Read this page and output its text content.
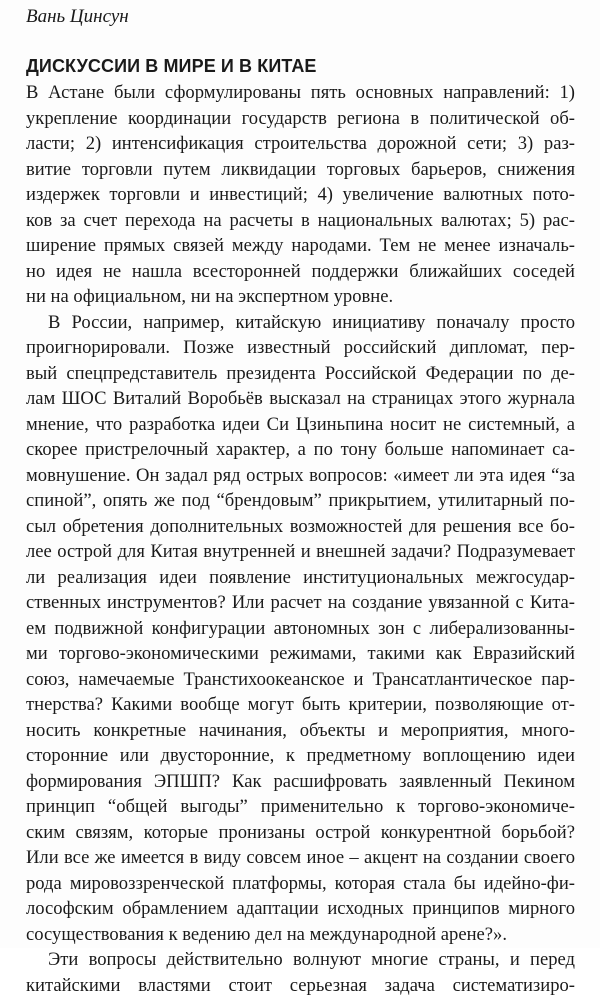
Вань Цинсун

ДИСКУССИИ В МИРЕ И В КИТАЕ
В Астане были сформулированы пять основных направлений: 1)
укрепление координации государств региона в политической об-
ласти; 2) интенсификация строительства дорожной сети; 3) раз-
витие торговли путем ликвидации торговых барьеров, снижения
издержек торговли и инвестиций; 4) увеличение валютных пото-
ков за счет перехода на расчеты в национальных валютах; 5) рас-
ширение прямых связей между народами. Тем не менее изначаль-
но идея не нашла всесторонней поддержки ближайших соседей
ни на официальном, ни на экспертном уровне.
В России, например, китайскую инициативу поначалу просто
проигнорировали. Позже известный российский дипломат, пер-
вый спецпредставитель президента Российской Федерации по де-
лам ШОС Виталий Воробьёв высказал на страницах этого журнала
мнение, что разработка идеи Си Цзиньпина носит не системный, а
скорее пристрелочный характер, а по тону больше напоминает са-
мовнушение. Он задал ряд острых вопросов: «имеет ли эта идея “за
спиной”, опять же под “брендовым” прикрытием, утилитарный по-
сыл обретения дополнительных возможностей для решения все бо-
лее острой для Китая внутренней и внешней задачи? Подразумевает
ли реализация идеи появление институциональных межгосудар-
ственных инструментов? Или расчет на создание увязанной с Кита-
ем подвижной конфигурации автономных зон с либерализованны-
ми торгово-экономическими режимами, такими как Евразийский
союз, намечаемые Транстихоокеанское и Трансатлантическое пар-
тнерства? Какими вообще могут быть критерии, позволяющие от-
носить конкретные начинания, объекты и мероприятия, много-
сторонние или двусторонние, к предметному воплощению идеи
формирования ЭПШП? Как расшифровать заявленный Пекином
принцип “общей выгоды” применительно к торгово-экономиче-
ским связям, которые пронизаны острой конкурентной борьбой?
Или все же имеется в виду совсем иное – акцент на создании своего
рода мировоззренческой платформы, которая стала бы идейно-фи-
лософским обрамлением адаптации исходных принципов мирного
сосуществования к ведению дел на международной арене?».
Эти вопросы действительно волнуют многие страны, и перед
китайскими властями стоит серьезная задача систематизиро-
